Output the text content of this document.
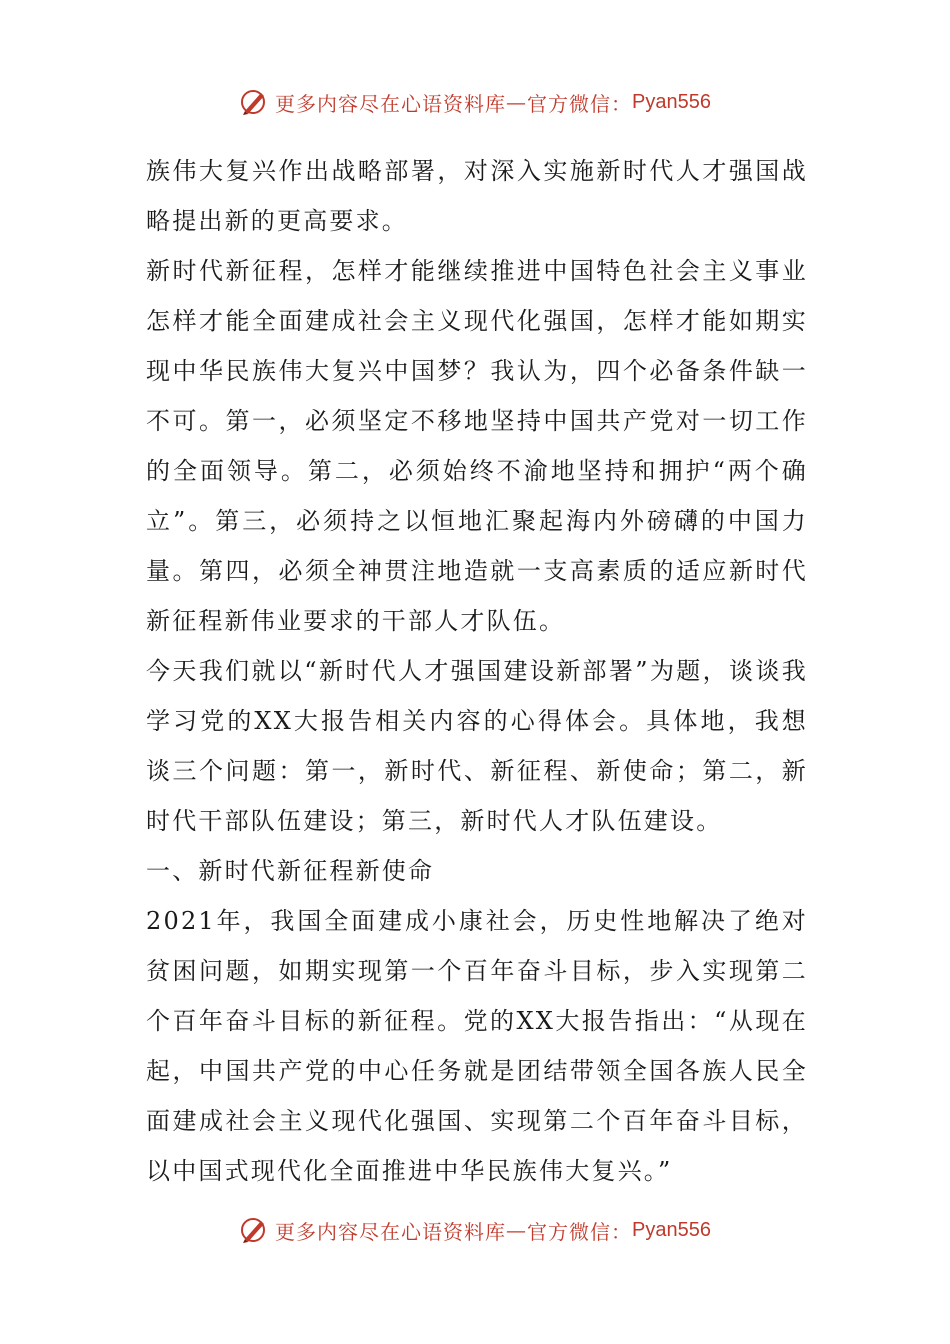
更多内容尽在心语资料库 — 官方微信： Pyan556

族伟大复兴作出战略部署，对深入实施新时代人才强国战略提出新的更高要求。

新时代新征程，怎样才能继续推进中国特色社会主义事业怎样才能全面建成社会主义现代化强国，怎样才能如期实现中华民族伟大复兴中国梦？我认为，四个必备条件缺一不可。第一，必须坚定不移地坚持中国共产党对一切工作的全面领导。第二，必须始终不渝地坚持和拥护“两个确立”。第三，必须持之以恒地汇聚起海内外磅礴的中国力量。第四，必须全神贯注地造就一支高素质的适应新时代新征程新伟业要求的干部人才队伍。

今天我们就以“新时代人才强国建设新部署”为题，谈谈我学习党的XX大报告相关内容的心得体会。具体地，我想谈三个问题：第一，新时代、新征程、新使命；第二，新时代干部队伍建设；第三，新时代人才队伍建设。

一、新时代新征程新使命

2021年，我国全面建成小康社会，历史性地解决了绝对贫困问题，如期实现第一个百年奋斗目标，步入实现第二个百年奋斗目标的新征程。党的XX大报告指出：“从现在起，中国共产党的中心任务就是团结带领全国各族人民全面建成社会主义现代化强国、实现第二个百年奋斗目标，以中国式现代化全面推进中华民族伟大复兴。”

更多内容尽在心语资料库 — 官方微信： Pyan556
